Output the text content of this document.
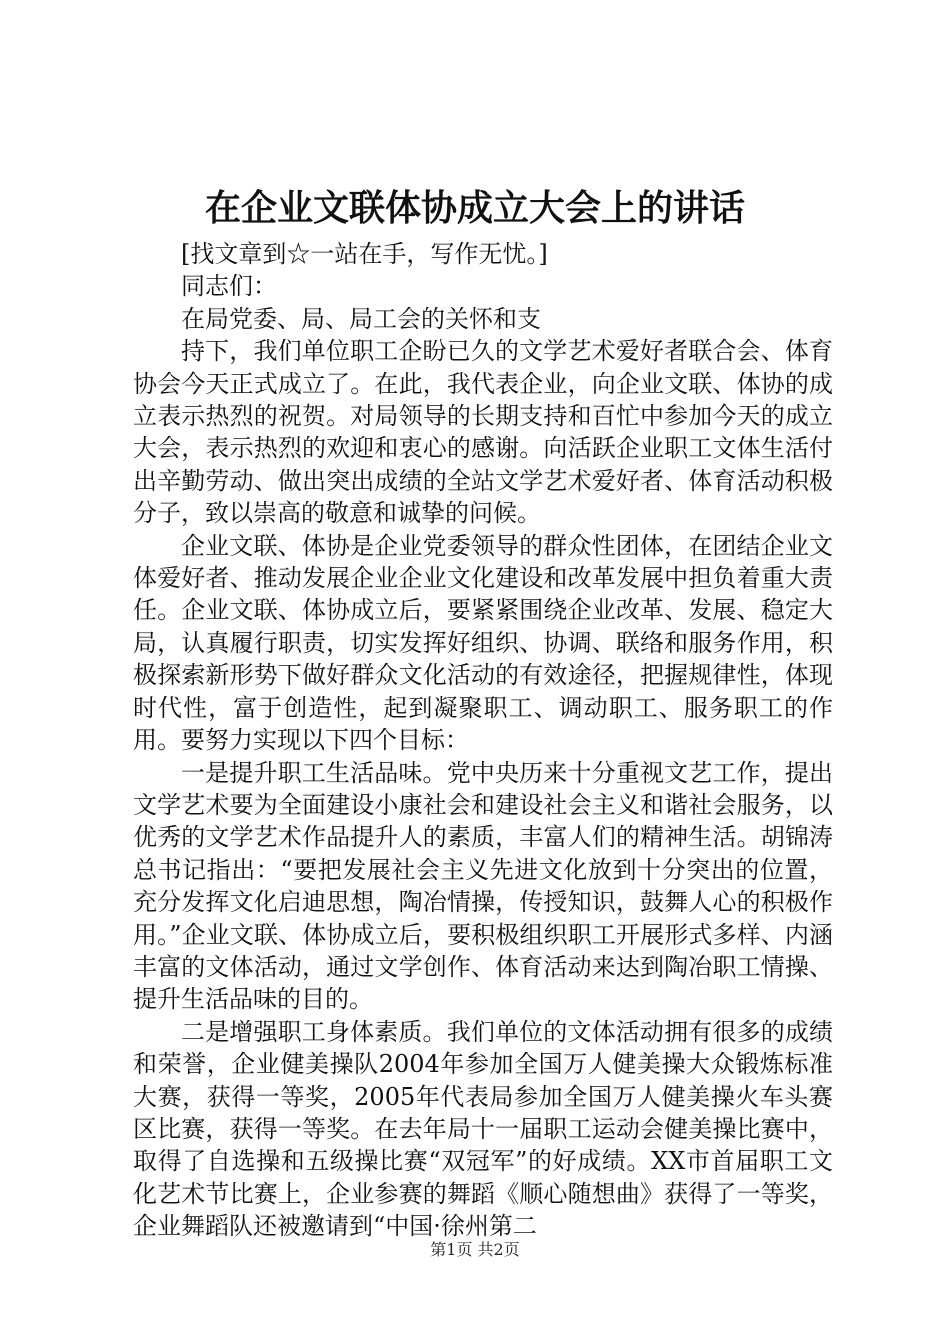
在企业文联体协成立大会上的讲话

[找文章到☆一站在手，写作无忧。]

同志们：

在局党委、局、局工会的关怀和支

持下，我们单位职工企盼已久的文学艺术爱好者联合会、体育协会今天正式成立了。在此，我代表企业，向企业文联、体协的成立表示热烈的祝贺。对局领导的长期支持和百忙中参加今天的成立大会，表示热烈的欢迎和衷心的感谢。向活跃企业职工文体生活付出辛勤劳动、做出突出成绩的全站文学艺术爱好者、体育活动积极分子，致以崇高的敬意和诚挚的问候。

企业文联、体协是企业党委领导的群众性团体，在团结企业文体爱好者、推动发展企业企业文化建设和改革发展中担负着重大责任。企业文联、体协成立后，要紧紧围绕企业改革、发展、稳定大局，认真履行职责，切实发挥好组织、协调、联络和服务作用，积极探索新形势下做好群众文化活动的有效途径，把握规律性，体现时代性，富于创造性，起到凝聚职工、调动职工、服务职工的作用。要努力实现以下四个目标：

一是提升职工生活品味。党中央历来十分重视文艺工作，提出文学艺术要为全面建设小康社会和建设社会主义和谐社会服务，以优秀的文学艺术作品提升人的素质，丰富人们的精神生活。胡锦涛总书记指出：“要把发展社会主义先进文化放到十分突出的位置，充分发挥文化启迪思想，陶冶情操，传授知识，鼓舞人心的积极作用。”企业文联、体协成立后，要积极组织职工开展形式多样、内涵丰富的文体活动，通过文学创作、体育活动来达到陶冶职工情操、提升生活品味的目的。

二是增强职工身体素质。我们单位的文体活动拥有很多的成绩和荣誉，企业健美操队2004年参加全国万人健美操大众锻炼标准大赛，获得一等奖，2005年代表局参加全国万人健美操火车头赛区比赛，获得一等奖。在去年局十一届职工运动会健美操比赛中，取得了自选操和五级操比赛“双冠军”的好成绩。XX市首届职工文化艺术节比赛上，企业参赛的舞蹈《顺心随想曲》获得了一等奖，企业舞蹈队还被邀请到“中国·徐州第二

第1页 共2页
